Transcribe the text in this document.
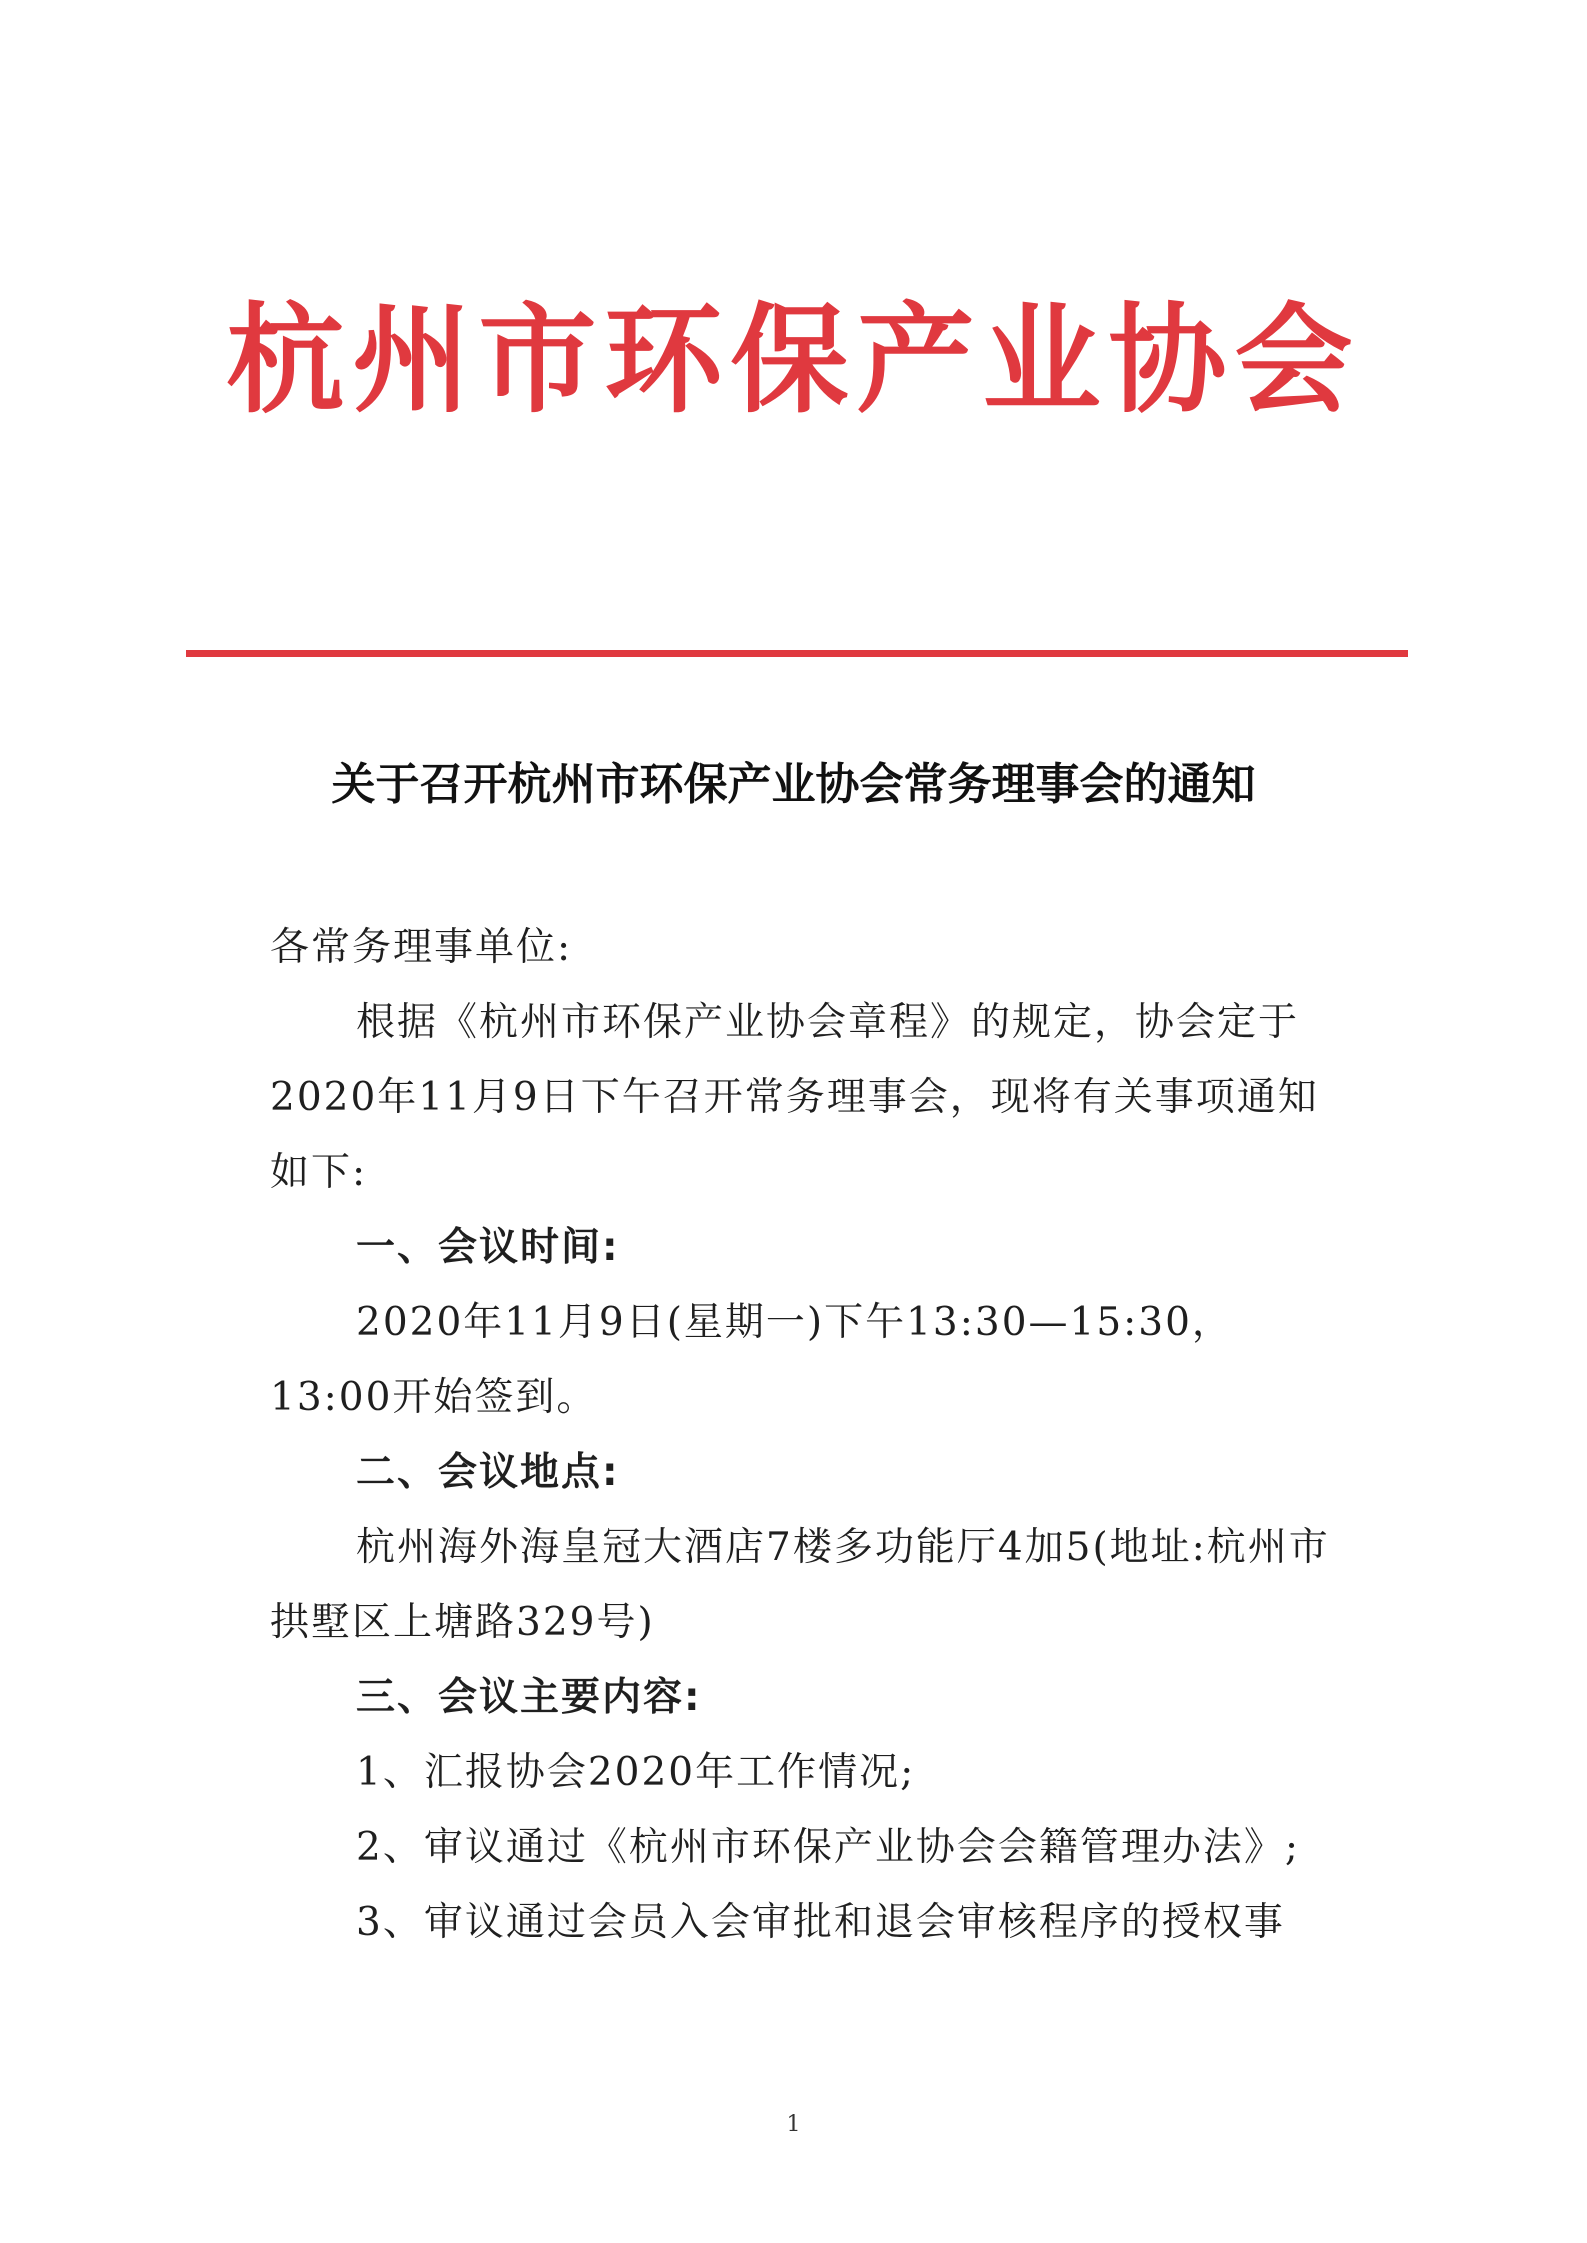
杭州市环保产业协会
关于召开杭州市环保产业协会常务理事会的通知

各常务理事单位:

根据《杭州市环保产业协会章程》的规定，协会定于2020年11月9日下午召开常务理事会，现将有关事项通知如下:

一、会议时间:

2020年11月9日(星期一)下午13:30—15:30，13:00开始签到。

二、会议地点:

杭州海外海皇冠大酒店7楼多功能厅4加5(地址:杭州市拱墅区上塘路329号)

三、会议主要内容:

1、汇报协会2020年工作情况;

2、审议通过《杭州市环保产业协会会籍管理办法》;

3、审议通过会员入会审批和退会审核程序的授权事

1
